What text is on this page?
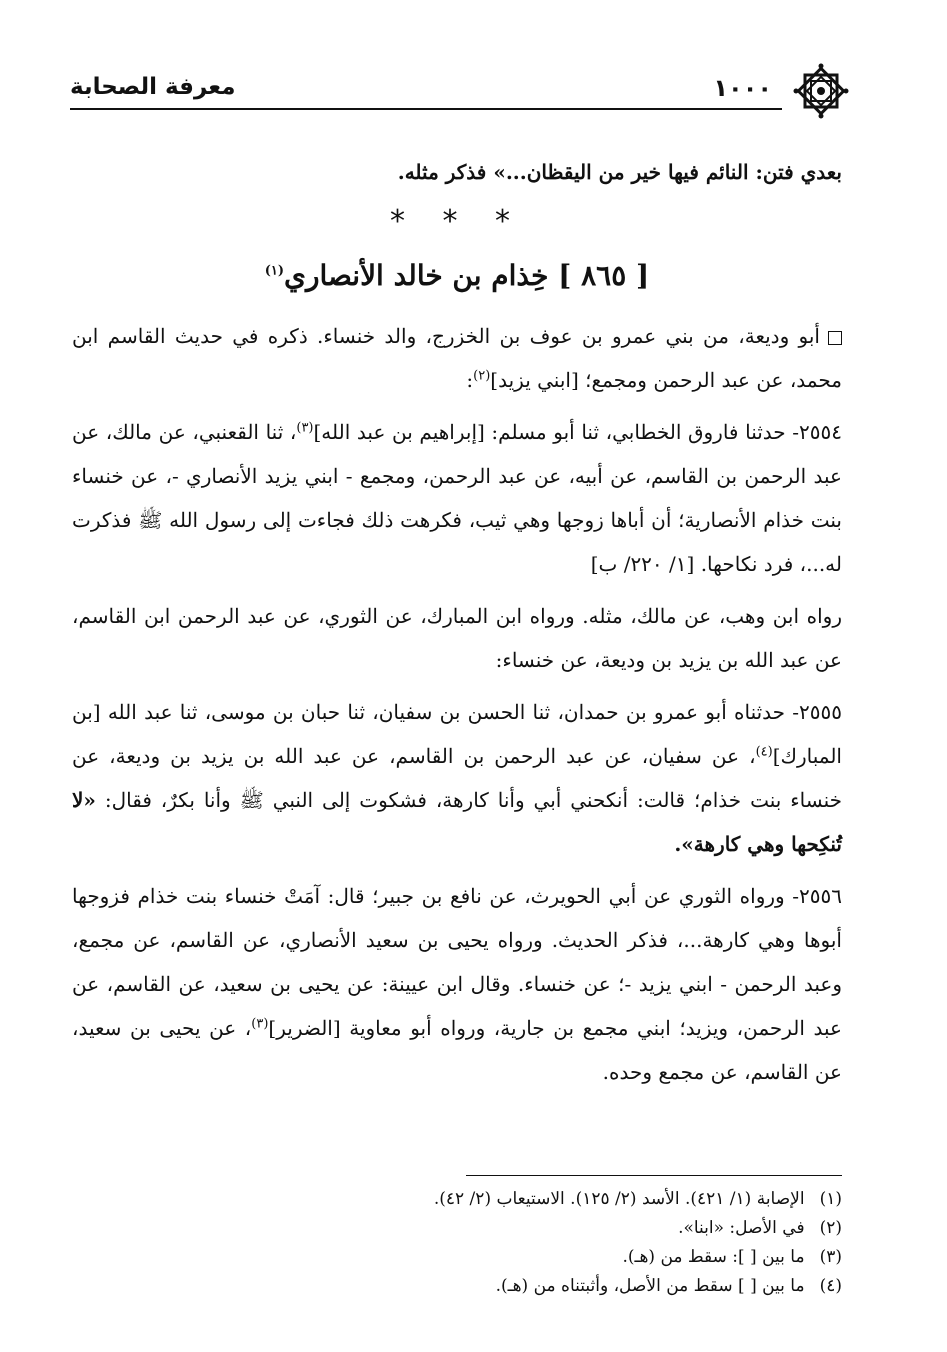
١٠٠٠
معرفة الصحابة

بعدي فتن: النائم فيها خير من اليقظان...» فذكر مثله.

* * *
[ ٨٦٥ ] خِذام بن خالد الأنصاري$^{(١)}$

أبو وديعة، من بني عمرو بن عوف بن الخزرج، والد خنساء. ذكره في حديث القاسم ابن محمد، عن عبد الرحمن ومجمع؛ [ابني يزيد]$^{(٢)}$:

٢٥٥٤- حدثنا فاروق الخطابي، ثنا أبو مسلم: [إبراهيم بن عبد الله]$^{(٣)}$، ثنا القعنبي، عن مالك، عن عبد الرحمن بن القاسم، عن أبيه، عن عبد الرحمن، ومجمع - ابني يزيد الأنصاري -، عن خنساء بنت خذام الأنصارية؛ أن أباها زوجها وهي ثيب، فكرهت ذلك فجاءت إلى رسول الله ﷺ فذكرت له...، فرد نكاحها. [١/ ٢٢٠/ ب]

رواه ابن وهب، عن مالك، مثله. ورواه ابن المبارك، عن الثوري، عن عبد الرحمن ابن القاسم، عن عبد الله بن يزيد بن وديعة، عن خنساء:

٢٥٥٥- حدثناه أبو عمرو بن حمدان، ثنا الحسن بن سفيان، ثنا حبان بن موسى، ثنا عبد الله [بن المبارك]$^{(٤)}$، عن سفيان، عن عبد الرحمن بن القاسم، عن عبد الله بن يزيد بن وديعة، عن خنساء بنت خذام؛ قالت: أنكحني أبي وأنا كارهة، فشكوت إلى النبي ﷺ وأنا بكرٌ، فقال: «لا تُنكِحها وهي كارهة».

٢٥٥٦- ورواه الثوري عن أبي الحويرث، عن نافع بن جبير؛ قال: آمَتْ خنساء بنت خذام فزوجها أبوها وهي كارهة...، فذكر الحديث. ورواه يحيى بن سعيد الأنصاري، عن القاسم، عن مجمع، وعبد الرحمن - ابني يزيد -؛ عن خنساء. وقال ابن عيينة: عن يحيى بن سعيد، عن القاسم، عن عبد الرحمن، ويزيد؛ ابني مجمع بن جارية، ورواه أبو معاوية [الضرير]$^{(٣)}$، عن يحيى بن سعيد، عن القاسم، عن مجمع وحده.

(١) الإصابة (١/ ٤٢١). الأسد (٢/ ١٢٥). الاستيعاب (٢/ ٤٢).

(٢) في الأصل: «ابنا».

(٣) ما بين [ ]: سقط من (هـ).

(٤) ما بين [ ] سقط من الأصل، وأثبتناه من (هـ).
